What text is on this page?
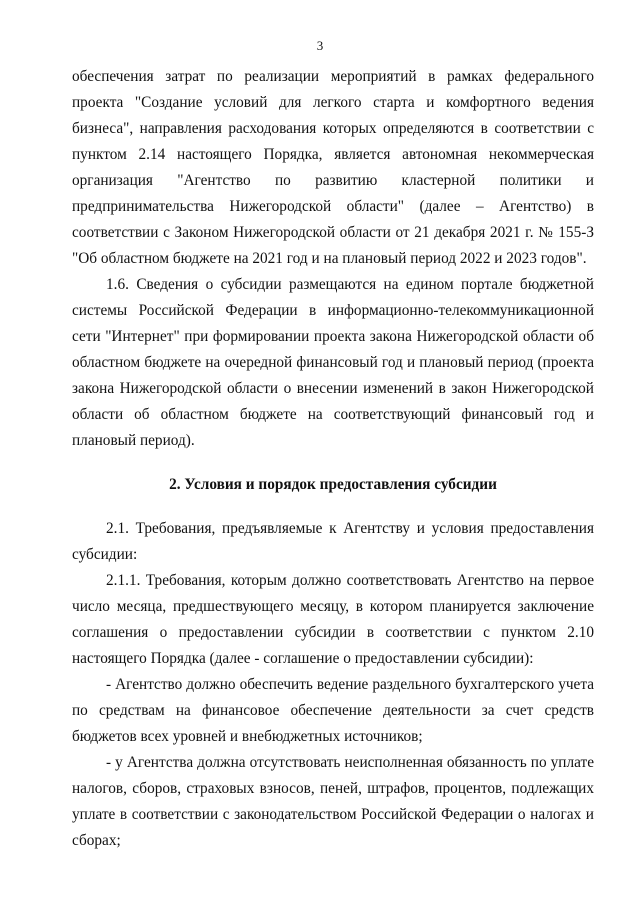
3

обеспечения затрат по реализации мероприятий в рамках федерального проекта "Создание условий для легкого старта и комфортного ведения бизнеса", направления расходования которых определяются в соответствии с пунктом 2.14 настоящего Порядка, является автономная некоммерческая организация "Агентство по развитию кластерной политики и предпринимательства Нижегородской области" (далее – Агентство) в соответствии с Законом Нижегородской области от 21 декабря 2021 г. № 155-З "Об областном бюджете на 2021 год и на плановый период 2022 и 2023 годов".

1.6. Сведения о субсидии размещаются на едином портале бюджетной системы Российской Федерации в информационно-телекоммуникационной сети "Интернет" при формировании проекта закона Нижегородской области об областном бюджете на очередной финансовый год и плановый период (проекта закона Нижегородской области о внесении изменений в закон Нижегородской области об областном бюджете на соответствующий финансовый год и плановый период).

2. Условия и порядок предоставления субсидии

2.1. Требования, предъявляемые к Агентству и условия предоставления субсидии:

2.1.1. Требования, которым должно соответствовать Агентство на первое число месяца, предшествующего месяцу, в котором планируется заключение соглашения о предоставлении субсидии в соответствии с пунктом 2.10 настоящего Порядка (далее - соглашение о предоставлении субсидии):

- Агентство должно обеспечить ведение раздельного бухгалтерского учета по средствам на финансовое обеспечение деятельности за счет средств бюджетов всех уровней и внебюджетных источников;

- у Агентства должна отсутствовать неисполненная обязанность по уплате налогов, сборов, страховых взносов, пеней, штрафов, процентов, подлежащих уплате в соответствии с законодательством Российской Федерации о налогах и сборах;
